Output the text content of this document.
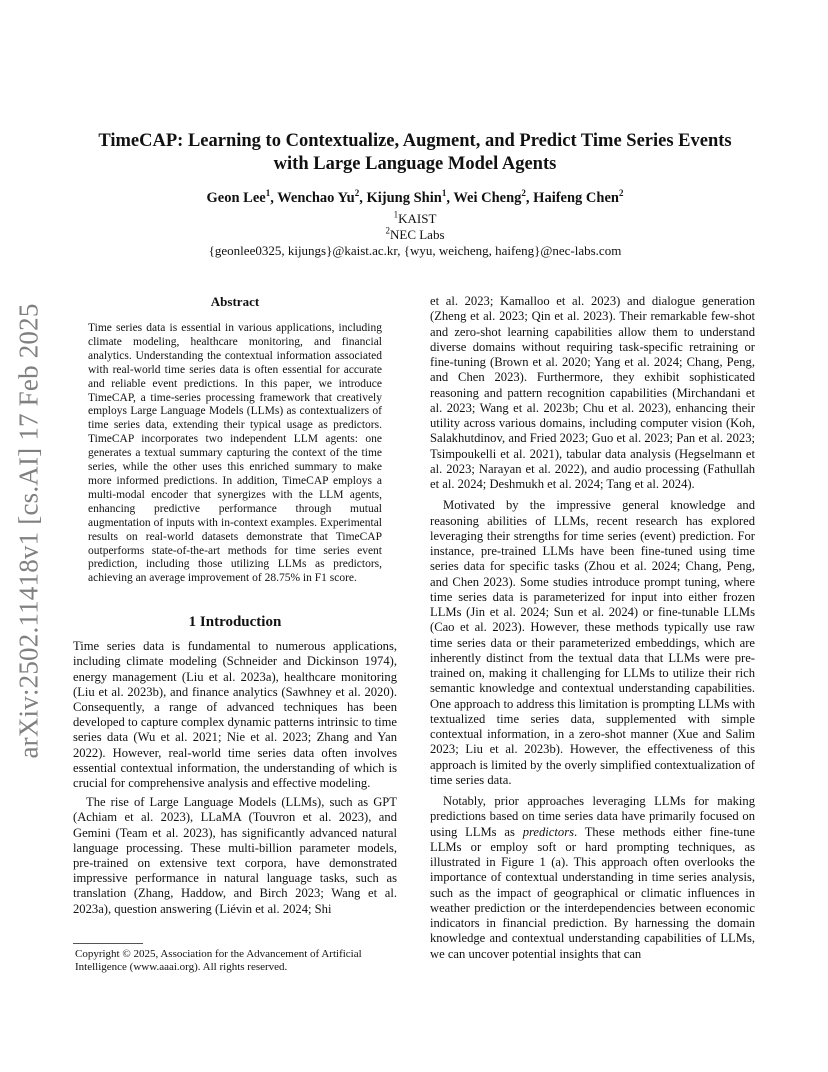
arXiv:2502.11418v1 [cs.AI] 17 Feb 2025
TimeCAP: Learning to Contextualize, Augment, and Predict Time Series Events
with Large Language Model Agents
Geon Lee$^1$, Wenchao Yu$^2$, Kijung Shin$^1$, Wei Cheng$^2$, Haifeng Chen$^2$
$^1$KAIST
$^2$NEC Labs
{geonlee0325, kijungs}@kaist.ac.kr, {wyu, weicheng, haifeng}@nec-labs.com
Abstract

Time series data is essential in various applications, including climate modeling, healthcare monitoring, and financial analytics. Understanding the contextual information associated with real-world time series data is often essential for accurate and reliable event predictions. In this paper, we introduce TimeCAP, a time-series processing framework that creatively employs Large Language Models (LLMs) as contextualizers of time series data, extending their typical usage as predictors. TimeCAP incorporates two independent LLM agents: one generates a textual summary capturing the context of the time series, while the other uses this enriched summary to make more informed predictions. In addition, TimeCAP employs a multi-modal encoder that synergizes with the LLM agents, enhancing predictive performance through mutual augmentation of inputs with in-context examples. Experimental results on real-world datasets demonstrate that TimeCAP outperforms state-of-the-art methods for time series event prediction, including those utilizing LLMs as predictors, achieving an average improvement of 28.75% in F1 score.

1 Introduction

Time series data is fundamental to numerous applications, including climate modeling (Schneider and Dickinson 1974), energy management (Liu et al. 2023a), healthcare monitoring (Liu et al. 2023b), and finance analytics (Sawhney et al. 2020). Consequently, a range of advanced techniques has been developed to capture complex dynamic patterns intrinsic to time series data (Wu et al. 2021; Nie et al. 2023; Zhang and Yan 2022). However, real-world time series data often involves essential contextual information, the understanding of which is crucial for comprehensive analysis and effective modeling.

The rise of Large Language Models (LLMs), such as GPT (Achiam et al. 2023), LLaMA (Touvron et al. 2023), and Gemini (Team et al. 2023), has significantly advanced natural language processing. These multi-billion parameter models, pre-trained on extensive text corpora, have demonstrated impressive performance in natural language tasks, such as translation (Zhang, Haddow, and Birch 2023; Wang et al. 2023a), question answering (Liévin et al. 2024; Shi

Copyright © 2025, Association for the Advancement of Artificial Intelligence (www.aaai.org). All rights reserved.

et al. 2023; Kamalloo et al. 2023) and dialogue generation (Zheng et al. 2023; Qin et al. 2023). Their remarkable few-shot and zero-shot learning capabilities allow them to understand diverse domains without requiring task-specific retraining or fine-tuning (Brown et al. 2020; Yang et al. 2024; Chang, Peng, and Chen 2023). Furthermore, they exhibit sophisticated reasoning and pattern recognition capabilities (Mirchandani et al. 2023; Wang et al. 2023b; Chu et al. 2023), enhancing their utility across various domains, including computer vision (Koh, Salakhutdinov, and Fried 2023; Guo et al. 2023; Pan et al. 2023; Tsimpoukelli et al. 2021), tabular data analysis (Hegselmann et al. 2023; Narayan et al. 2022), and audio processing (Fathullah et al. 2024; Deshmukh et al. 2024; Tang et al. 2024).

Motivated by the impressive general knowledge and reasoning abilities of LLMs, recent research has explored leveraging their strengths for time series (event) prediction. For instance, pre-trained LLMs have been fine-tuned using time series data for specific tasks (Zhou et al. 2024; Chang, Peng, and Chen 2023). Some studies introduce prompt tuning, where time series data is parameterized for input into either frozen LLMs (Jin et al. 2024; Sun et al. 2024) or fine-tunable LLMs (Cao et al. 2023). However, these methods typically use raw time series data or their parameterized embeddings, which are inherently distinct from the textual data that LLMs were pre-trained on, making it challenging for LLMs to utilize their rich semantic knowledge and contextual understanding capabilities. One approach to address this limitation is prompting LLMs with textualized time series data, supplemented with simple contextual information, in a zero-shot manner (Xue and Salim 2023; Liu et al. 2023b). However, the effectiveness of this approach is limited by the overly simplified contextualization of time series data.

Notably, prior approaches leveraging LLMs for making predictions based on time series data have primarily focused on using LLMs as predictors. These methods either fine-tune LLMs or employ soft or hard prompting techniques, as illustrated in Figure 1 (a). This approach often overlooks the importance of contextual understanding in time series analysis, such as the impact of geographical or climatic influences in weather prediction or the interdependencies between economic indicators in financial prediction. By harnessing the domain knowledge and contextual understanding capabilities of LLMs, we can uncover potential insights that can
